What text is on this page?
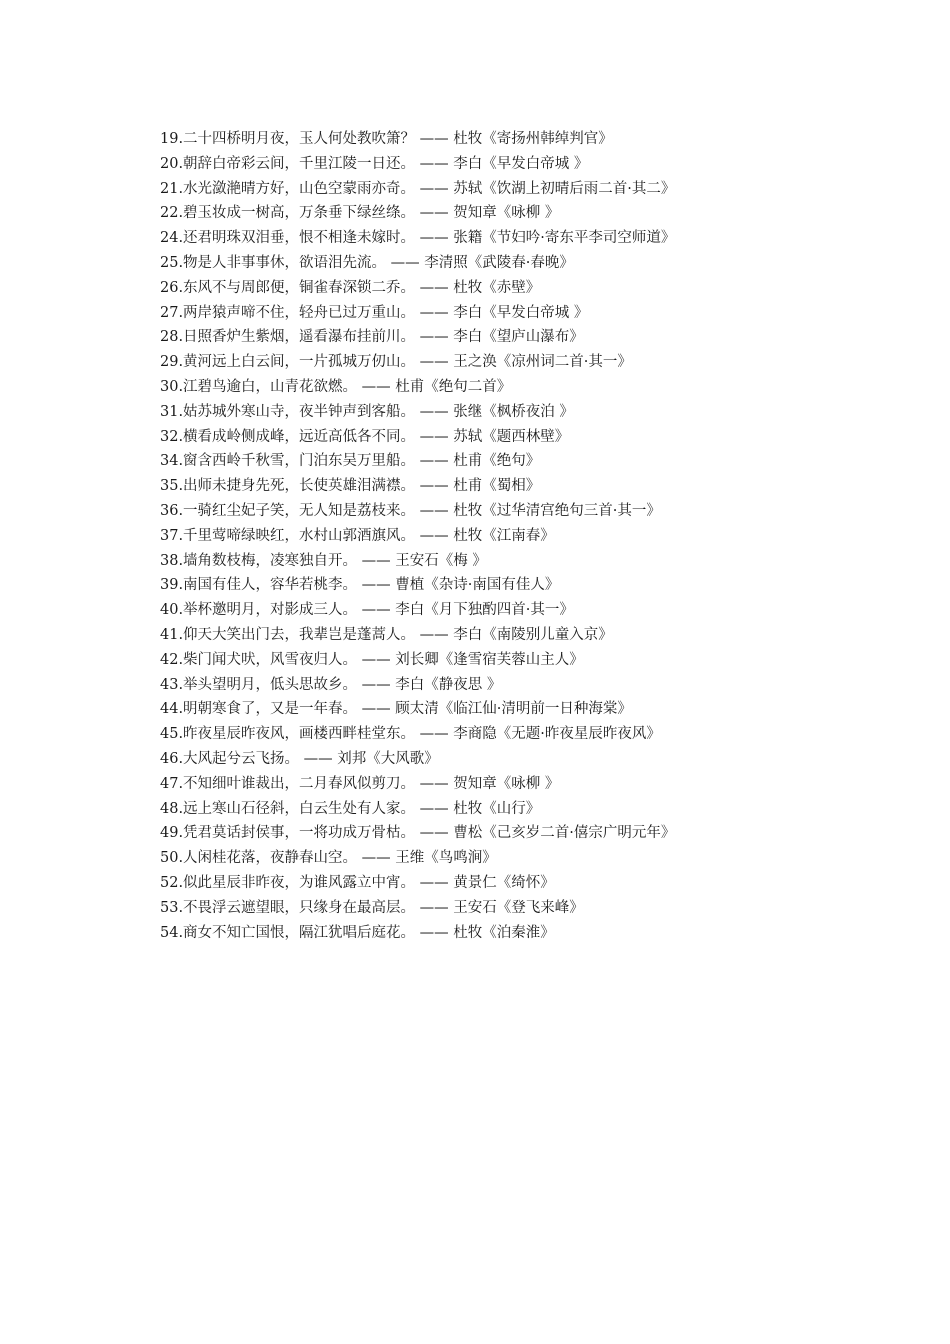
19.二十四桥明月夜，玉人何处教吹箫？ —— 杜牧《寄扬州韩绰判官》
20.朝辞白帝彩云间，千里江陵一日还。 —— 李白《早发白帝城 》
21.水光潋滟晴方好，山色空蒙雨亦奇。 —— 苏轼《饮湖上初晴后雨二首·其二》
22.碧玉妆成一树高，万条垂下绿丝绦。 —— 贺知章《咏柳 》
24.还君明珠双泪垂，恨不相逢未嫁时。 —— 张籍《节妇吟·寄东平李司空师道》
25.物是人非事事休，欲语泪先流。 —— 李清照《武陵春·春晚》
26.东风不与周郎便，铜雀春深锁二乔。 —— 杜牧《赤壁》
27.两岸猿声啼不住，轻舟已过万重山。 —— 李白《早发白帝城 》
28.日照香炉生紫烟，遥看瀑布挂前川。 —— 李白《望庐山瀑布》
29.黄河远上白云间，一片孤城万仞山。 —— 王之涣《凉州词二首·其一》
30.江碧鸟逾白，山青花欲燃。 —— 杜甫《绝句二首》
31.姑苏城外寒山寺，夜半钟声到客船。 —— 张继《枫桥夜泊 》
32.横看成岭侧成峰，远近高低各不同。 —— 苏轼《题西林壁》
34.窗含西岭千秋雪，门泊东吴万里船。 —— 杜甫《绝句》
35.出师未捷身先死，长使英雄泪满襟。 —— 杜甫《蜀相》
36.一骑红尘妃子笑，无人知是荔枝来。 —— 杜牧《过华清宫绝句三首·其一》
37.千里莺啼绿映红，水村山郭酒旗风。 —— 杜牧《江南春》
38.墙角数枝梅，凌寒独自开。 —— 王安石《梅 》
39.南国有佳人，容华若桃李。 —— 曹植《杂诗·南国有佳人》
40.举杯邀明月，对影成三人。 —— 李白《月下独酌四首·其一》
41.仰天大笑出门去，我辈岂是蓬蒿人。 —— 李白《南陵别儿童入京》
42.柴门闻犬吠，风雪夜归人。 —— 刘长卿《逢雪宿芙蓉山主人》
43.举头望明月，低头思故乡。 —— 李白《静夜思 》
44.明朝寒食了，又是一年春。 —— 顾太清《临江仙·清明前一日种海棠》
45.昨夜星辰昨夜风，画楼西畔桂堂东。 —— 李商隐《无题·昨夜星辰昨夜风》
46.大风起兮云飞扬。 —— 刘邦《大风歌》
47.不知细叶谁裁出，二月春风似剪刀。 —— 贺知章《咏柳 》
48.远上寒山石径斜，白云生处有人家。 —— 杜牧《山行》
49.凭君莫话封侯事，一将功成万骨枯。 —— 曹松《己亥岁二首·僖宗广明元年》
50.人闲桂花落，夜静春山空。 —— 王维《鸟鸣涧》
52.似此星辰非昨夜，为谁风露立中宵。 —— 黄景仁《绮怀》
53.不畏浮云遮望眼，只缘身在最高层。 —— 王安石《登飞来峰》
54.商女不知亡国恨，隔江犹唱后庭花。 —— 杜牧《泊秦淮》
